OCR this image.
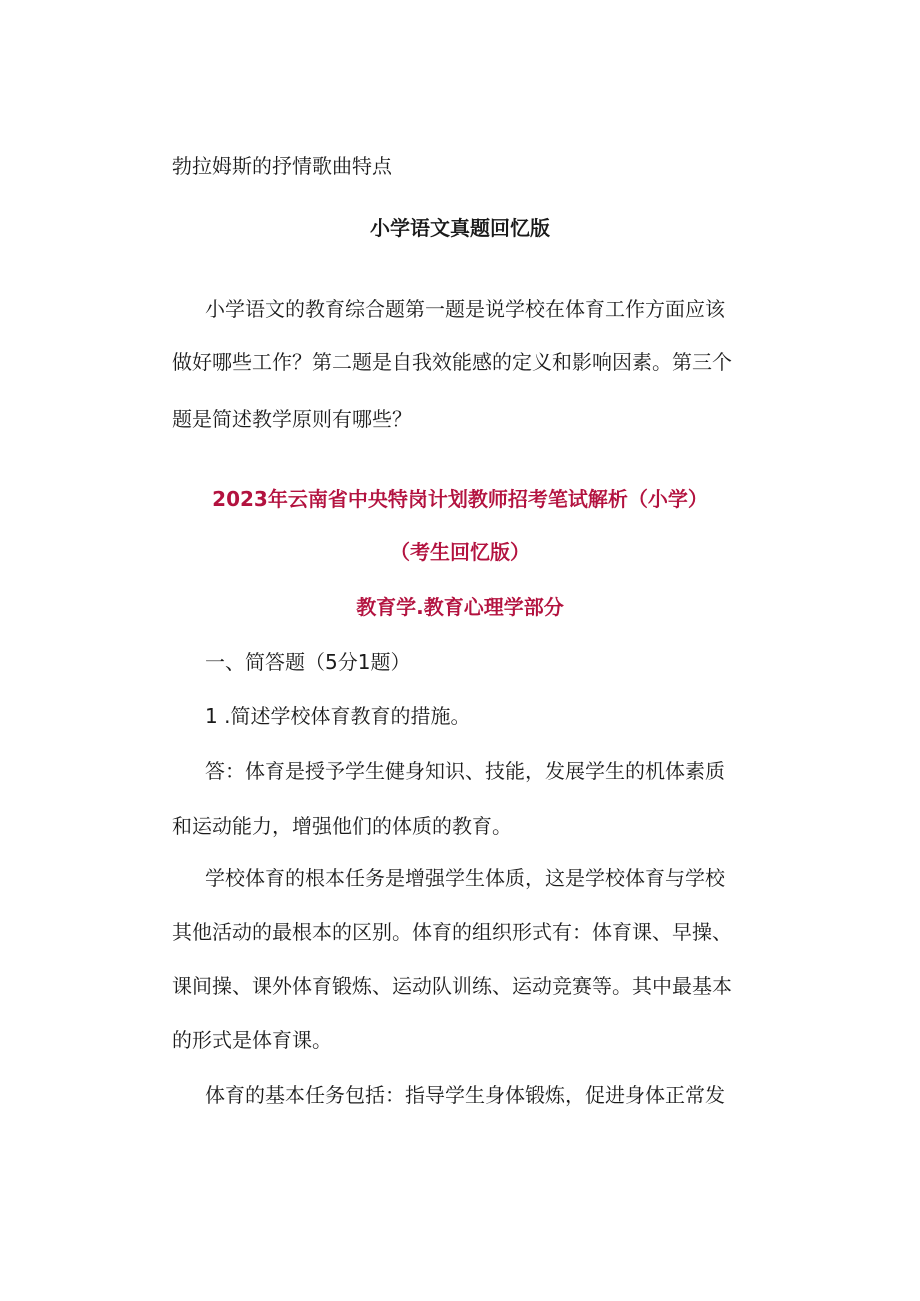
勃拉姆斯的抒情歌曲特点
小学语文真题回忆版
小学语文的教育综合题第一题是说学校在体育工作方面应该
做好哪些工作？第二题是自我效能感的定义和影响因素。第三个
题是简述教学原则有哪些？
2023年云南省中央特岗计划教师招考笔试解析（小学）
（考生回忆版）
教育学.教育心理学部分
一、简答题（5分1题）
1 .简述学校体育教育的措施。
答：体育是授予学生健身知识、技能，发展学生的机体素质
和运动能力，增强他们的体质的教育。
学校体育的根本任务是增强学生体质，这是学校体育与学校
其他活动的最根本的区别。体育的组织形式有：体育课、早操、
课间操、课外体育锻炼、运动队训练、运动竞赛等。其中最基本
的形式是体育课。
体育的基本任务包括：指导学生身体锻炼，促进身体正常发
